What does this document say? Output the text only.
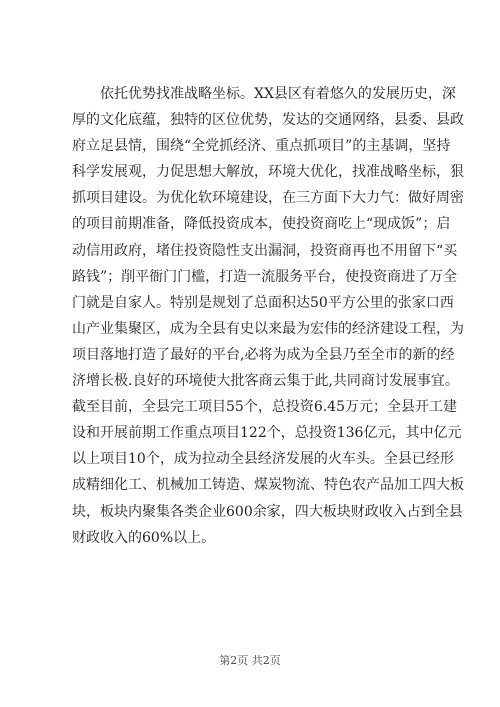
依托优势找准战略坐标。XX县区有着悠久的发展历史，深
厚的文化底蕴，独特的区位优势，发达的交通网络，县委、县政
府立足县情，围绕“全党抓经济、重点抓项目”的主基调，坚持
科学发展观，力促思想大解放，环境大优化，找准战略坐标，狠
抓项目建设。为优化软环境建设，在三方面下大力气：做好周密
的项目前期准备，降低投资成本，使投资商吃上“现成饭”；启
动信用政府，堵住投资隐性支出漏洞，投资商再也不用留下“买
路钱”；削平衙门门槛，打造一流服务平台，使投资商进了万全
门就是自家人。特别是规划了总面积达50平方公里的张家口西
山产业集聚区，成为全县有史以来最为宏伟的经济建设工程，为
项目落地打造了最好的平台,必将为成为全县乃至全市的新的经
济增长极.良好的环境使大批客商云集于此,共同商讨发展事宜。
截至目前，全县完工项目55个，总投资6.45万元；全县开工建
设和开展前期工作重点项目122个，总投资136亿元，其中亿元
以上项目10个，成为拉动全县经济发展的火车头。全县已经形
成精细化工、机械加工铸造、煤炭物流、特色农产品加工四大板
块，板块内聚集各类企业600余家，四大板块财政收入占到全县
财政收入的60%以上。
第2页 共2页
